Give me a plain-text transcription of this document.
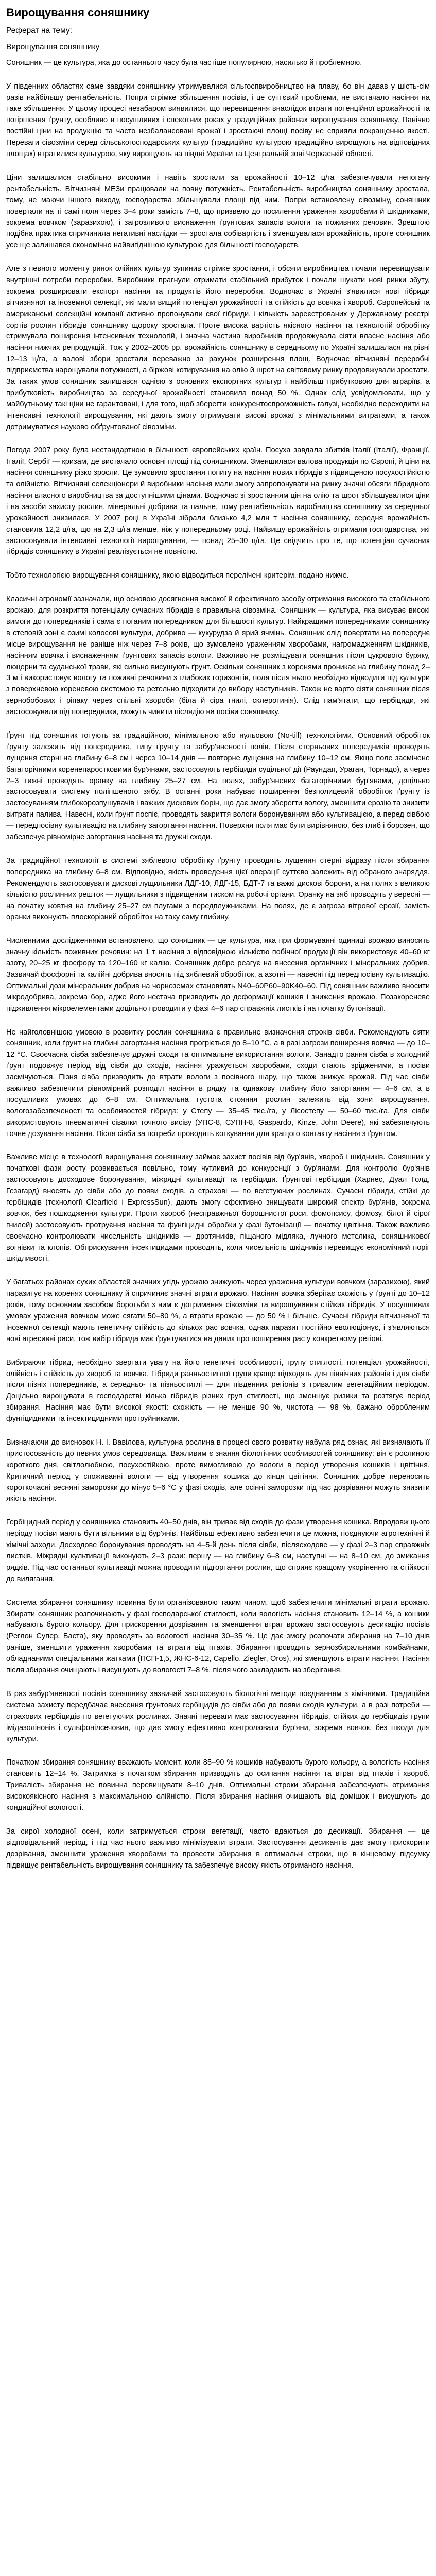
Вирощування соняшнику

Реферат на тему:

Вирощування соняшнику

Соняшник — це культура, яка до останнього часу була частіше популярною, насилько й проблемною.

У південних областях саме завдяки соняшнику утримувалися сільгоспвиробництво на плаву, бо він давав у шість-сім разів найбільшу рентабельність. Попри стрімке збільшення посівів, і це суттєвий проблеми, не вистачало насіння на таке збільшення. У цьому процесі незабаром виявилися, що перевищення внаслідок втрати потенційної врожайності та погіршення ґрунту, особливо в посушливих і спекотних роках у традиційних районах вирощування соняшнику. Панічно постійні ціни на продукцію та часто незбалансовані врожаї і зростаючі площі посіву не сприяли покращенню якості. Переваги сівозміни серед сільськогосподарських культур (традиційно культурою традиційно вирощують на відповідних площах) втратилися культурою, яку вирощують на півдні України та Центральній зоні Черкаській області.

Ціни залишалися стабільно високими і навіть зростали за врожайності 10–12 ц/га забезпечували непогану рентабельність. Вітчизняні МЕЗи працювали на повну потужність. Рентабельність виробництва соняшнику зростала, тому, не маючи іншого виходу, господарства збільшували площі під ним. Попри встановлену сівозміну, соняшник повертали на ті самі поля через 3–4 роки замість 7–8, що призвело до посилення ураження хворобами й шкідниками, зокрема вовчком (заразихою), і загрозливого виснаження ґрунтових запасів вологи та поживних речовин. Зрештою подібна практика спричинила негативні наслідки — зростала собівартість і зменшувалася врожайність, проте соняшник усе ще залишався економічно найвигіднішою культурою для більшості господарств.

Але з певного моменту ринок олійних культур зупинив стрімке зростання, і обсяги виробництва почали перевищувати внутрішні потреби переробки. Виробники прагнули отримати стабільний прибуток і почали шукати нові ринки збуту, зокрема розширювати експорт насіння та продуктів його переробки. Водночас в Україні з'явилися нові гібриди вітчизняної та іноземної селекції, які мали вищий потенціал урожайності та стійкість до вовчка і хвороб. Європейські та американські селекційні компанії активно пропонували свої гібриди, і кількість зареєстрованих у Державному реєстрі сортів рослин гібридів соняшнику щороку зростала. Проте висока вартість якісного насіння та технологій обробітку стримувала поширення інтенсивних технологій, і значна частина виробників продовжувала сіяти власне насіння або насіння нижчих репродукцій. Тож у 2002–2005 рр. врожайність соняшнику в середньому по Україні залишалася на рівні 12–13 ц/га, а валові збори зростали переважно за рахунок розширення площ. Водночас вітчизняні переробні підприємства нарощували потужності, а біржові котирування на олію й шрот на світовому ринку продовжували зростати. За таких умов соняшник залишався однією з основних експортних культур і найбільш прибутковою для аграріїв, а прибутковість виробництва за середньої врожайності становила понад 50 %. Однак слід усвідомлювати, що у майбутньому такі ціни не гарантовані, і для того, щоб зберегти конкурентоспроможність галузі, необхідно переходити на інтенсивні технології вирощування, які дають змогу отримувати високі врожаї з мінімальними витратами, а також дотримуватися науково обґрунтованої сівозміни.

Погода 2007 року була нестандартною в більшості європейських країн. Посуха завдала збитків Італії (Італії), Франції, Італії, Сербії — кризам, де вистачало основні площі під соняшником. Зменшилася валова продукція по Європі, й ціни на насіння соняшнику різко зросли. Це зумовило зростання попиту на насіння нових гібридів з підвищеною посухостійкістю та олійністю. Вітчизняні селекціонери й виробники насіння мали змогу запропонувати на ринку значні обсяги гібридного насіння власного виробництва за доступнішими цінами. Водночас зі зростанням цін на олію та шрот збільшувалися ціни і на засоби захисту рослин, мінеральні добрива та пальне, тому рентабельність виробництва соняшнику за середньої урожайності знизилася. У 2007 році в Україні зібрали близько 4,2 млн т насіння соняшнику, середня врожайність становила 12,2 ц/га, що на 2,3 ц/га менше, ніж у попередньому році. Найвищу врожайність отримали господарства, які застосовували інтенсивні технології вирощування, — понад 25–30 ц/га. Це свідчить про те, що потенціал сучасних гібридів соняшнику в Україні реалізується не повністю.

Тобто технологією вирощування соняшнику, якою відводиться перелічені критерім, подано нижче.

Класичні агрономії зазначали, що основою досягнення високої й ефективного засобу отримання високого та стабільного врожаю, для розкриття потенціалу сучасних гібридів є правильна сівозміна. Соняшник — культура, яка висуває високі вимоги до попередників і сама є поганим попередником для більшості культур. Найкращими попередниками соняшнику в степовій зоні є озимі колосові культури, добриво — кукурудза й ярий ячмінь. Соняшник слід повертати на попереднє місце вирощування не раніше ніж через 7–8 років, що зумовлено ураженням хворобами, нагромадженням шкідників, насінням вовчка і виснаженням ґрунтових запасів вологи. Важливо не розміщувати соняшник після цукрового буряку, люцерни та суданської трави, які сильно висушують ґрунт. Оскільки соняшник з коренями проникає на глибину понад 2–3 м і використовує вологу та поживні речовини з глибоких горизонтів, поля після нього необхідно відводити під культури з поверхневою кореневою системою та ретельно підходити до вибору наступників. Також не варто сіяти соняшник після зернобобових і ріпаку через спільні хвороби (біла й сіра гнилі, склеротинія). Слід пам'ятати, що гербіциди, які застосовували під попередники, можуть чинити післядію на посіви соняшнику.

Ґрунт під соняшник готують за традиційною, мінімальною або нульовою (No-till) технологіями. Основний обробіток ґрунту залежить від попередника, типу ґрунту та забур'яненості полів. Після стерньових попередників проводять лущення стерні на глибину 6–8 см і через 10–14 днів — повторне лущення на глибину 10–12 см. Якщо поле засмічене багаторічними коренепаростковими бур'янами, застосовують гербіциди суцільної дії (Раундап, Ураган, Торнадо), а через 2–3 тижні проводять оранку на глибину 25–27 см. На полях, забур'янених багаторічними бур'янами, доцільно застосовувати систему поліпшеного зябу. В останні роки набуває поширення безполицевий обробіток ґрунту із застосуванням глибокорозпушувачів і важких дискових борін, що дає змогу зберегти вологу, зменшити ерозію та знизити витрати палива. Навесні, коли ґрунт поспіє, проводять закриття вологи боронуванням або культивацією, а перед сівбою — передпосівну культивацію на глибину загортання насіння. Поверхня поля має бути вирівняною, без глиб і борозен, що забезпечує рівномірне загортання насіння та дружні сходи.

За традиційної технології в системі зяблевого обробітку ґрунту проводять лущення стерні відразу після збирання попередника на глибину 6–8 см. Відповідно, якість проведення цієї операції суттєво залежить від обраного знаряддя. Рекомендують застосовувати дискові лущильники ЛДГ-10, ЛДГ-15, БДТ-7 та важкі дискові борони, а на полях з великою кількістю рослинних решток — лущильники з підвищеним тиском на робочі органи. Оранку на зяб проводять у вересні — на початку жовтня на глибину 25–27 см плугами з передплужниками. На полях, де є загроза вітрової ерозії, замість оранки виконують плоскорізний обробіток на таку саму глибину.

Численними дослідженнями встановлено, що соняшник — це культура, яка при формуванні одиниці врожаю виносить значну кількість поживних речовин: на 1 т насіння з відповідною кількістю побічної продукції він використовує 40–60 кг азоту, 20–25 кг фосфору та 120–160 кг калію. Соняшник добре реагує на внесення органічних і мінеральних добрив. Зазвичай фосфорні та калійні добрива вносять під зяблевий обробіток, а азотні — навесні під передпосівну культивацію. Оптимальні дози мінеральних добрив на чорноземах становлять N40–60P60–90K40–60. Під соняшник важливо вносити мікродобрива, зокрема бор, адже його нестача призводить до деформації кошиків і зниження врожаю. Позакореневе підживлення мікроелементами доцільно проводити у фазі 4–6 пар справжніх листків і на початку бутонізації.

Не найголовнішою умовою в розвитку рослин соняшника є правильне визначення строків сівби. Рекомендують сіяти соняшник, коли ґрунт на глибині загортання насіння прогріється до 8–10 °С, а в разі загрози поширення вовчка — до 10–12 °С. Своєчасна сівба забезпечує дружні сходи та оптимальне використання вологи. Занадто рання сівба в холодний ґрунт подовжує період від сівби до сходів, насіння уражується хворобами, сходи стають зрідженими, а посіви засмічуються. Пізня сівба призводить до втрати вологи з посівного шару, що також знижує врожай. Під час сівби важливо забезпечити рівномірний розподіл насіння в рядку та однакову глибину його загортання — 4–6 см, а в посушливих умовах до 6–8 см. Оптимальна густота стояння рослин залежить від зони вирощування, вологозабезпеченості та особливостей гібрида: у Степу — 35–45 тис./га, у Лісостепу — 50–60 тис./га. Для сівби використовують пневматичні сівалки точного висіву (УПС-8, СУПН-8, Gaspardo, Kinze, John Deere), які забезпечують точне дозування насіння. Після сівби за потреби проводять коткування для кращого контакту насіння з ґрунтом.

Важливе місце в технології вирощування соняшнику займає захист посівів від бур'янів, хвороб і шкідників. Соняшник у початкові фази росту розвивається повільно, тому чутливий до конкуренції з бур'янами. Для контролю бур'янів застосовують досходове боронування, міжрядні культивації та гербіциди. Ґрунтові гербіциди (Харнес, Дуал Голд, Гезагард) вносять до сівби або до появи сходів, а страхові — по вегетуючих рослинах. Сучасні гібриди, стійкі до гербіцидів (технології Clearfield і ExpressSun), дають змогу ефективно знищувати широкий спектр бур'янів, зокрема вовчок, без пошкодження культури. Проти хвороб (несправжньої борошнистої роси, фомопсису, фомозу, білої й сірої гнилей) застосовують протруєння насіння та фунгіцидні обробки у фазі бутонізації — початку цвітіння. Також важливо своєчасно контролювати чисельність шкідників — дротяників, піщаного мідляка, лучного метелика, соняшникової вогнівки та клопів. Обприскування інсектицидами проводять, коли чисельність шкідників перевищує економічний поріг шкідливості.

У багатьох районах сухих областей значних угідь урожаю знижують через ураження культури вовчком (заразихою), який паразитує на коренях соняшнику й спричиняє значні втрати врожаю. Насіння вовчка зберігає схожість у ґрунті до 10–12 років, тому основним засобом боротьби з ним є дотримання сівозміни та вирощування стійких гібридів. У посушливих умовах ураження вовчком може сягати 50–80 %, а втрати врожаю — до 50 % і більше. Сучасні гібриди вітчизняної та іноземної селекції мають генетичну стійкість до кількох рас вовчка, однак паразит постійно еволюціонує, і з'являються нові агресивні раси, тож вибір гібрида має ґрунтуватися на даних про поширення рас у конкретному регіоні.

Вибираючи гібрид, необхідно звертати увагу на його генетичні особливості, групу стиглості, потенціал урожайності, олійність і стійкість до хвороб та вовчка. Гібриди ранньостиглої групи краще підходять для північних районів і для сівби після пізніх попередників, а середньо- та пізньостиглі — для південних регіонів з тривалим вегетаційним періодом. Доцільно вирощувати в господарстві кілька гібридів різних груп стиглості, що зменшує ризики та розтягує період збирання. Насіння має бути високої якості: схожість — не менше 90 %, чистота — 98 %, бажано обробленим фунгіцидними та інсектицидними протруйниками.

Визначаючи до висновок Н. І. Вавілова, культурна рослина в процесі свого розвитку набула ряд ознак, які визначають її пристосованість до певних умов середовища. Важливим є знання біологічних особливостей соняшнику: він є рослиною короткого дня, світлолюбною, посухостійкою, проте вимогливою до вологи в період утворення кошиків і цвітіння. Критичний період у споживанні вологи — від утворення кошика до кінця цвітіння. Соняшник добре переносить короткочасні весняні заморозки до мінус 5–6 °С у фазі сходів, але осінні заморозки під час дозрівання можуть знизити якість насіння.

Гербіцидний період у соняшника становить 40–50 днів, він триває від сходів до фази утворення кошика. Впродовж цього періоду посіви мають бути вільними від бур'янів. Найбільш ефективно забезпечити це можна, поєднуючи агротехнічні й хімічні заходи. Досходове боронування проводять на 4–5-й день після сівби, післясходове — у фазі 2–3 пар справжніх листків. Міжрядні культивації виконують 2–3 рази: першу — на глибину 6–8 см, наступні — на 8–10 см, до змикання рядків. Під час останньої культивації можна проводити підгортання рослин, що сприяє кращому укоріненню та стійкості до вилягання.

Система збирання соняшнику повинна бути організованою таким чином, щоб забезпечити мінімальні втрати врожаю. Збирати соняшник розпочинають у фазі господарської стиглості, коли вологість насіння становить 12–14 %, а кошики набувають бурого кольору. Для прискорення дозрівання та зменшення втрат врожаю застосовують десикацію посівів (Реглон Супер, Баста), яку проводять за вологості насіння 30–35 %. Це дає змогу розпочати збирання на 7–10 днів раніше, зменшити ураження хворобами та втрати від птахів. Збирання проводять зернозбиральними комбайнами, обладнаними спеціальними жатками (ПСП-1,5, ЖНС-6-12, Capello, Ziegler, Oros), які зменшують втрати насіння. Насіння після збирання очищають і висушують до вологості 7–8 %, після чого закладають на зберігання.

В раз забур'яненості посівів соняшнику зазвичай застосовують біологічні методи поєднанням з хімічними. Традиційна система захисту передбачає внесення ґрунтових гербіцидів до сівби або до появи сходів культури, а в разі потреби — страхових гербіцидів по вегетуючих рослинах. Значні переваги має застосування гібридів, стійких до гербіцидів групи імідазолінонів і сульфонілсечовин, що дає змогу ефективно контролювати бур'яни, зокрема вовчок, без шкоди для культури.

Початком збирання соняшнику вважають момент, коли 85–90 % кошиків набувають бурого кольору, а вологість насіння становить 12–14 %. Затримка з початком збирання призводить до осипання насіння та втрат від птахів і хвороб. Тривалість збирання не повинна перевищувати 8–10 днів. Оптимальні строки збирання забезпечують отримання високоякісного насіння з максимальною олійністю. Після збирання насіння очищають від домішок і висушують до кондиційної вологості.

За сирої холодної осені, коли затримується строки вегетації, часто вдаються до десикації. Збирання — це відповідальний період, і під час нього важливо мінімізувати втрати. Застосування десикантів дає змогу прискорити дозрівання, зменшити ураження хворобами та провести збирання в оптимальні строки, що в кінцевому підсумку підвищує рентабельність вирощування соняшнику та забезпечує високу якість отриманого насіння.
